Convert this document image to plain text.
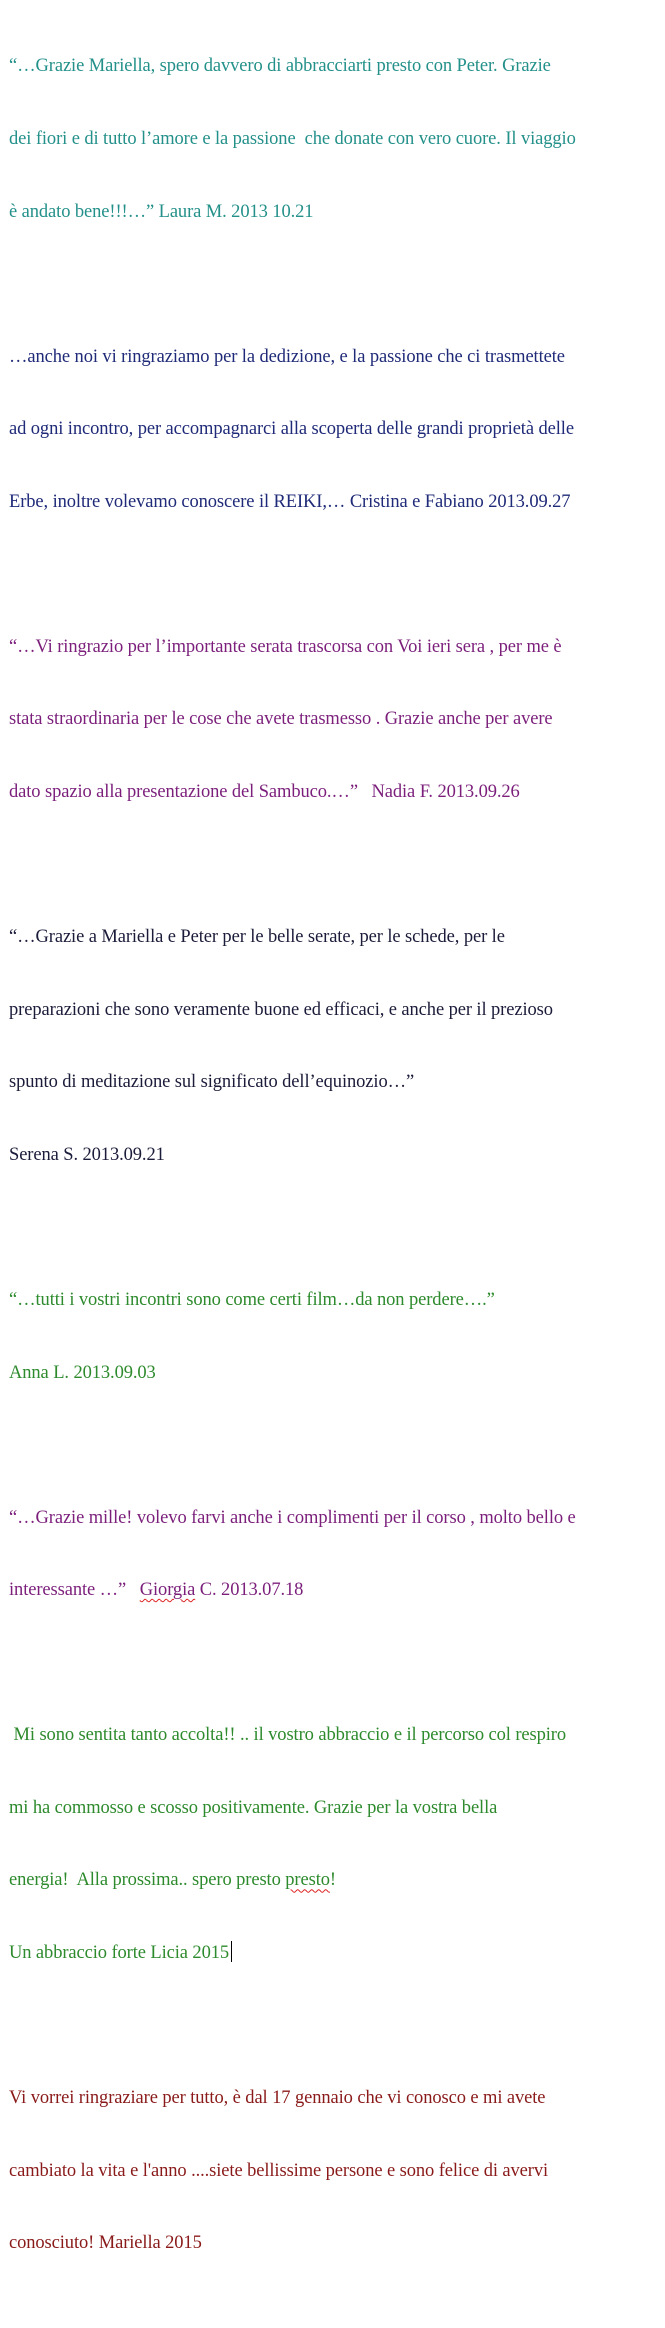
“…Grazie Mariella, spero davvero di abbracciarti presto con Peter. Grazie

dei fiori e di tutto l’amore e la passione  che donate con vero cuore. Il viaggio

è andato bene!!!…” Laura M. 2013 10.21

…anche noi vi ringraziamo per la dedizione, e la passione che ci trasmettete

ad ogni incontro, per accompagnarci alla scoperta delle grandi proprietà delle

Erbe, inoltre volevamo conoscere il REIKI,… Cristina e Fabiano 2013.09.27

“…Vi ringrazio per l’importante serata trascorsa con Voi ieri sera , per me è

stata straordinaria per le cose che avete trasmesso . Grazie anche per avere

dato spazio alla presentazione del Sambuco.…”   Nadia F. 2013.09.26

“…Grazie a Mariella e Peter per le belle serate, per le schede, per le

preparazioni che sono veramente buone ed efficaci, e anche per il prezioso

spunto di meditazione sul significato dell’equinozio…”

Serena S. 2013.09.21

“…tutti i vostri incontri sono come certi film…da non perdere….”

Anna L. 2013.09.03

“…Grazie mille! volevo farvi anche i complimenti per il corso , molto bello e

interessante …”   Giorgia C. 2013.07.18

Mi sono sentita tanto accolta!! .. il vostro abbraccio e il percorso col respiro

mi ha commosso e scosso positivamente. Grazie per la vostra bella

energia!  Alla prossima.. spero presto presto!

Un abbraccio forte Licia 2015

Vi vorrei ringraziare per tutto, è dal 17 gennaio che vi conosco e mi avete

cambiato la vita e l'anno ....siete bellissime persone e sono felice di avervi

conosciuto! Mariella 2015
